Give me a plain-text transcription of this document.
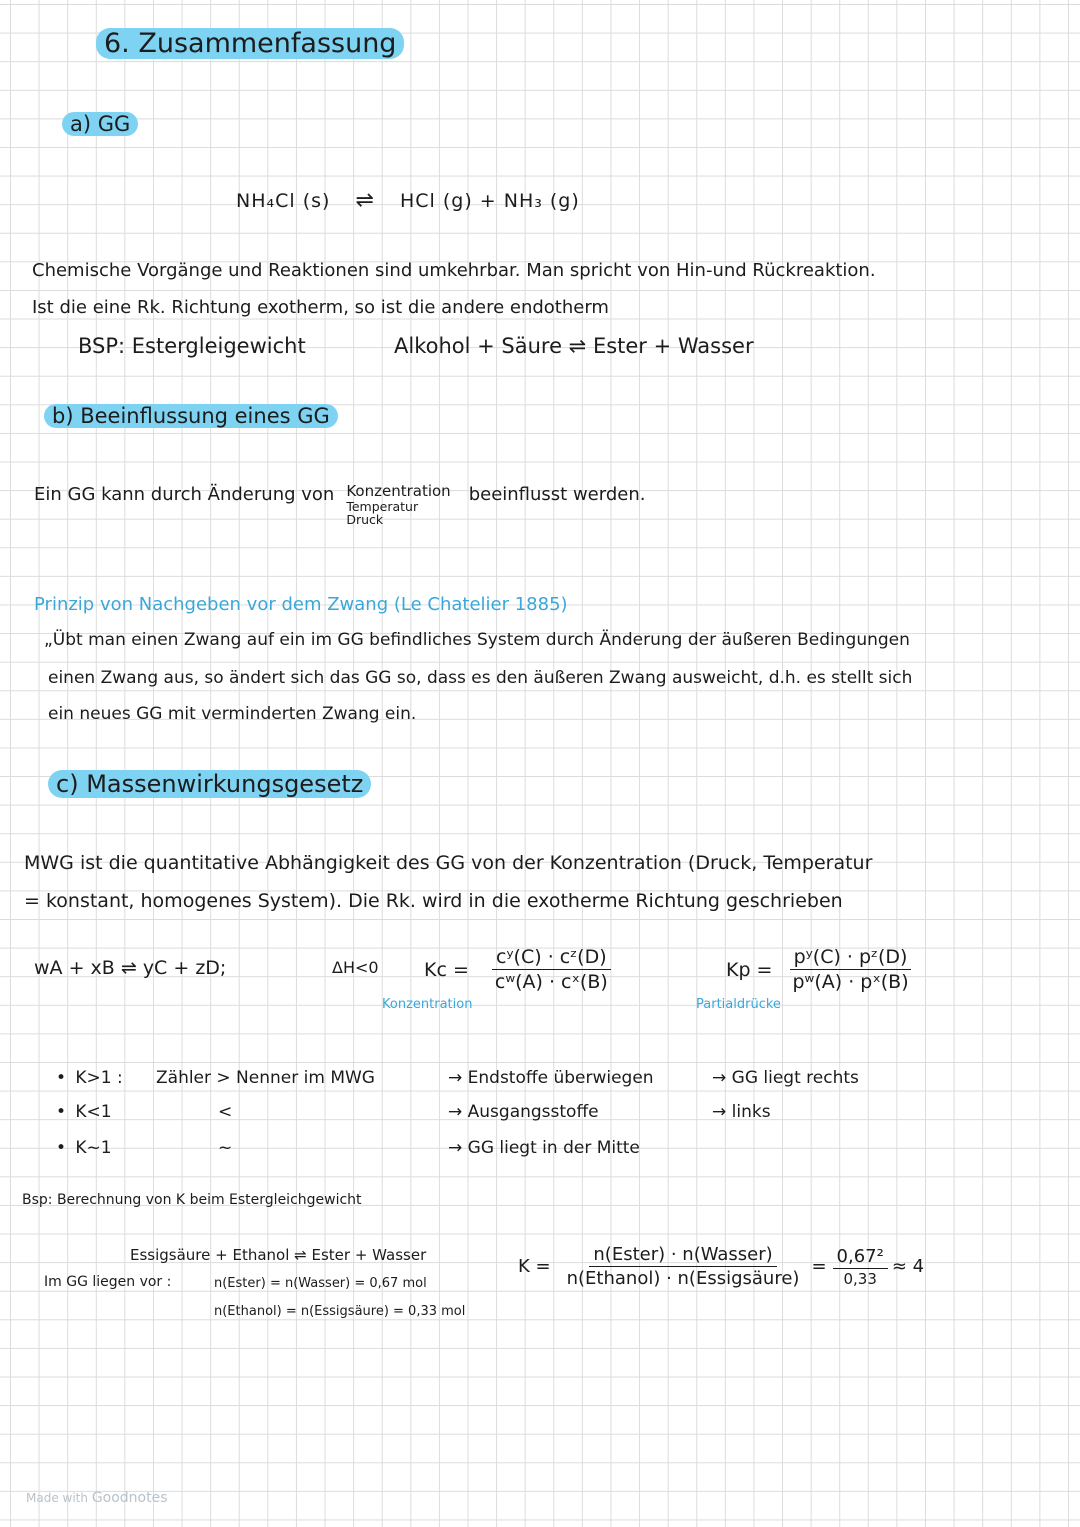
6. Zusammenfassung
a) GG
NH₄Cl (s) ⇌ HCl (g) + NH₃ (g)
Chemische Vorgänge und Reaktionen sind umkehrbar. Man spricht von Hin-und Rückreaktion.
Ist die eine Rk. Richtung exotherm, so ist die andere endotherm
BSP: Estergleigewicht	Alkohol + Säure ⇌ Ester + Wasser
b) Beeinflussung eines GG
Ein GG kann durch Änderung von Konzentration
Temperatur
Druck
beeinflusst werden.
Prinzip von Nachgeben vor dem Zwang (Le Chatelier 1885)
„Übt man einen Zwang auf ein im GG befindliches System durch Änderung der äußeren Bedingungen
einen Zwang aus, so ändert sich das GG so, dass es den äußeren Zwang ausweicht, d.h. es stellt sich
ein neues GG mit verminderten Zwang ein.
c) Massenwirkungsgesetz
MWG ist die quantitative Abhängigkeit des GG von der Konzentration (Druck, Temperatur
= konstant, homogenes System). Die Rk. wird in die exotherme Richtung geschrieben
wA + xB ⇌ yC + zD;	ΔH<0 $Kc = \frac{\text{cʸ(C) · cᶻ(D)}}{\text{cʷ(A) · cˣ(B)}}$
Konzentration
$Kp = \frac{\text{pʸ(C) · pᶻ(D)}}{\text{pʷ(A) · pˣ(B)}}$
Partialdrücke
• K>1 : Zähler > Nenner im MWG	→ Endstoffe überwiegen	→ GG liegt rechts
• K<1	<	→ Ausgangsstoffe	→ links
• K~1	~	→ GG liegt in der Mitte
Bsp: Berechnung von K beim Estergleichgewicht
Essigsäure + Ethanol ⇌ Ester + Wasser
Im GG liegen vor :	n(Ester) = n(Wasser) = 0,67 mol
n(Ethanol) = n(Essigsäure) = 0,33 mol
$K = \frac{\text{n(Ester) · n(Wasser)}}{\text{n(Ethanol) · n(Essigsäure)}} = \frac{\text{0,67²}}{0,33} \approx 4$
Made with Goodnotes
